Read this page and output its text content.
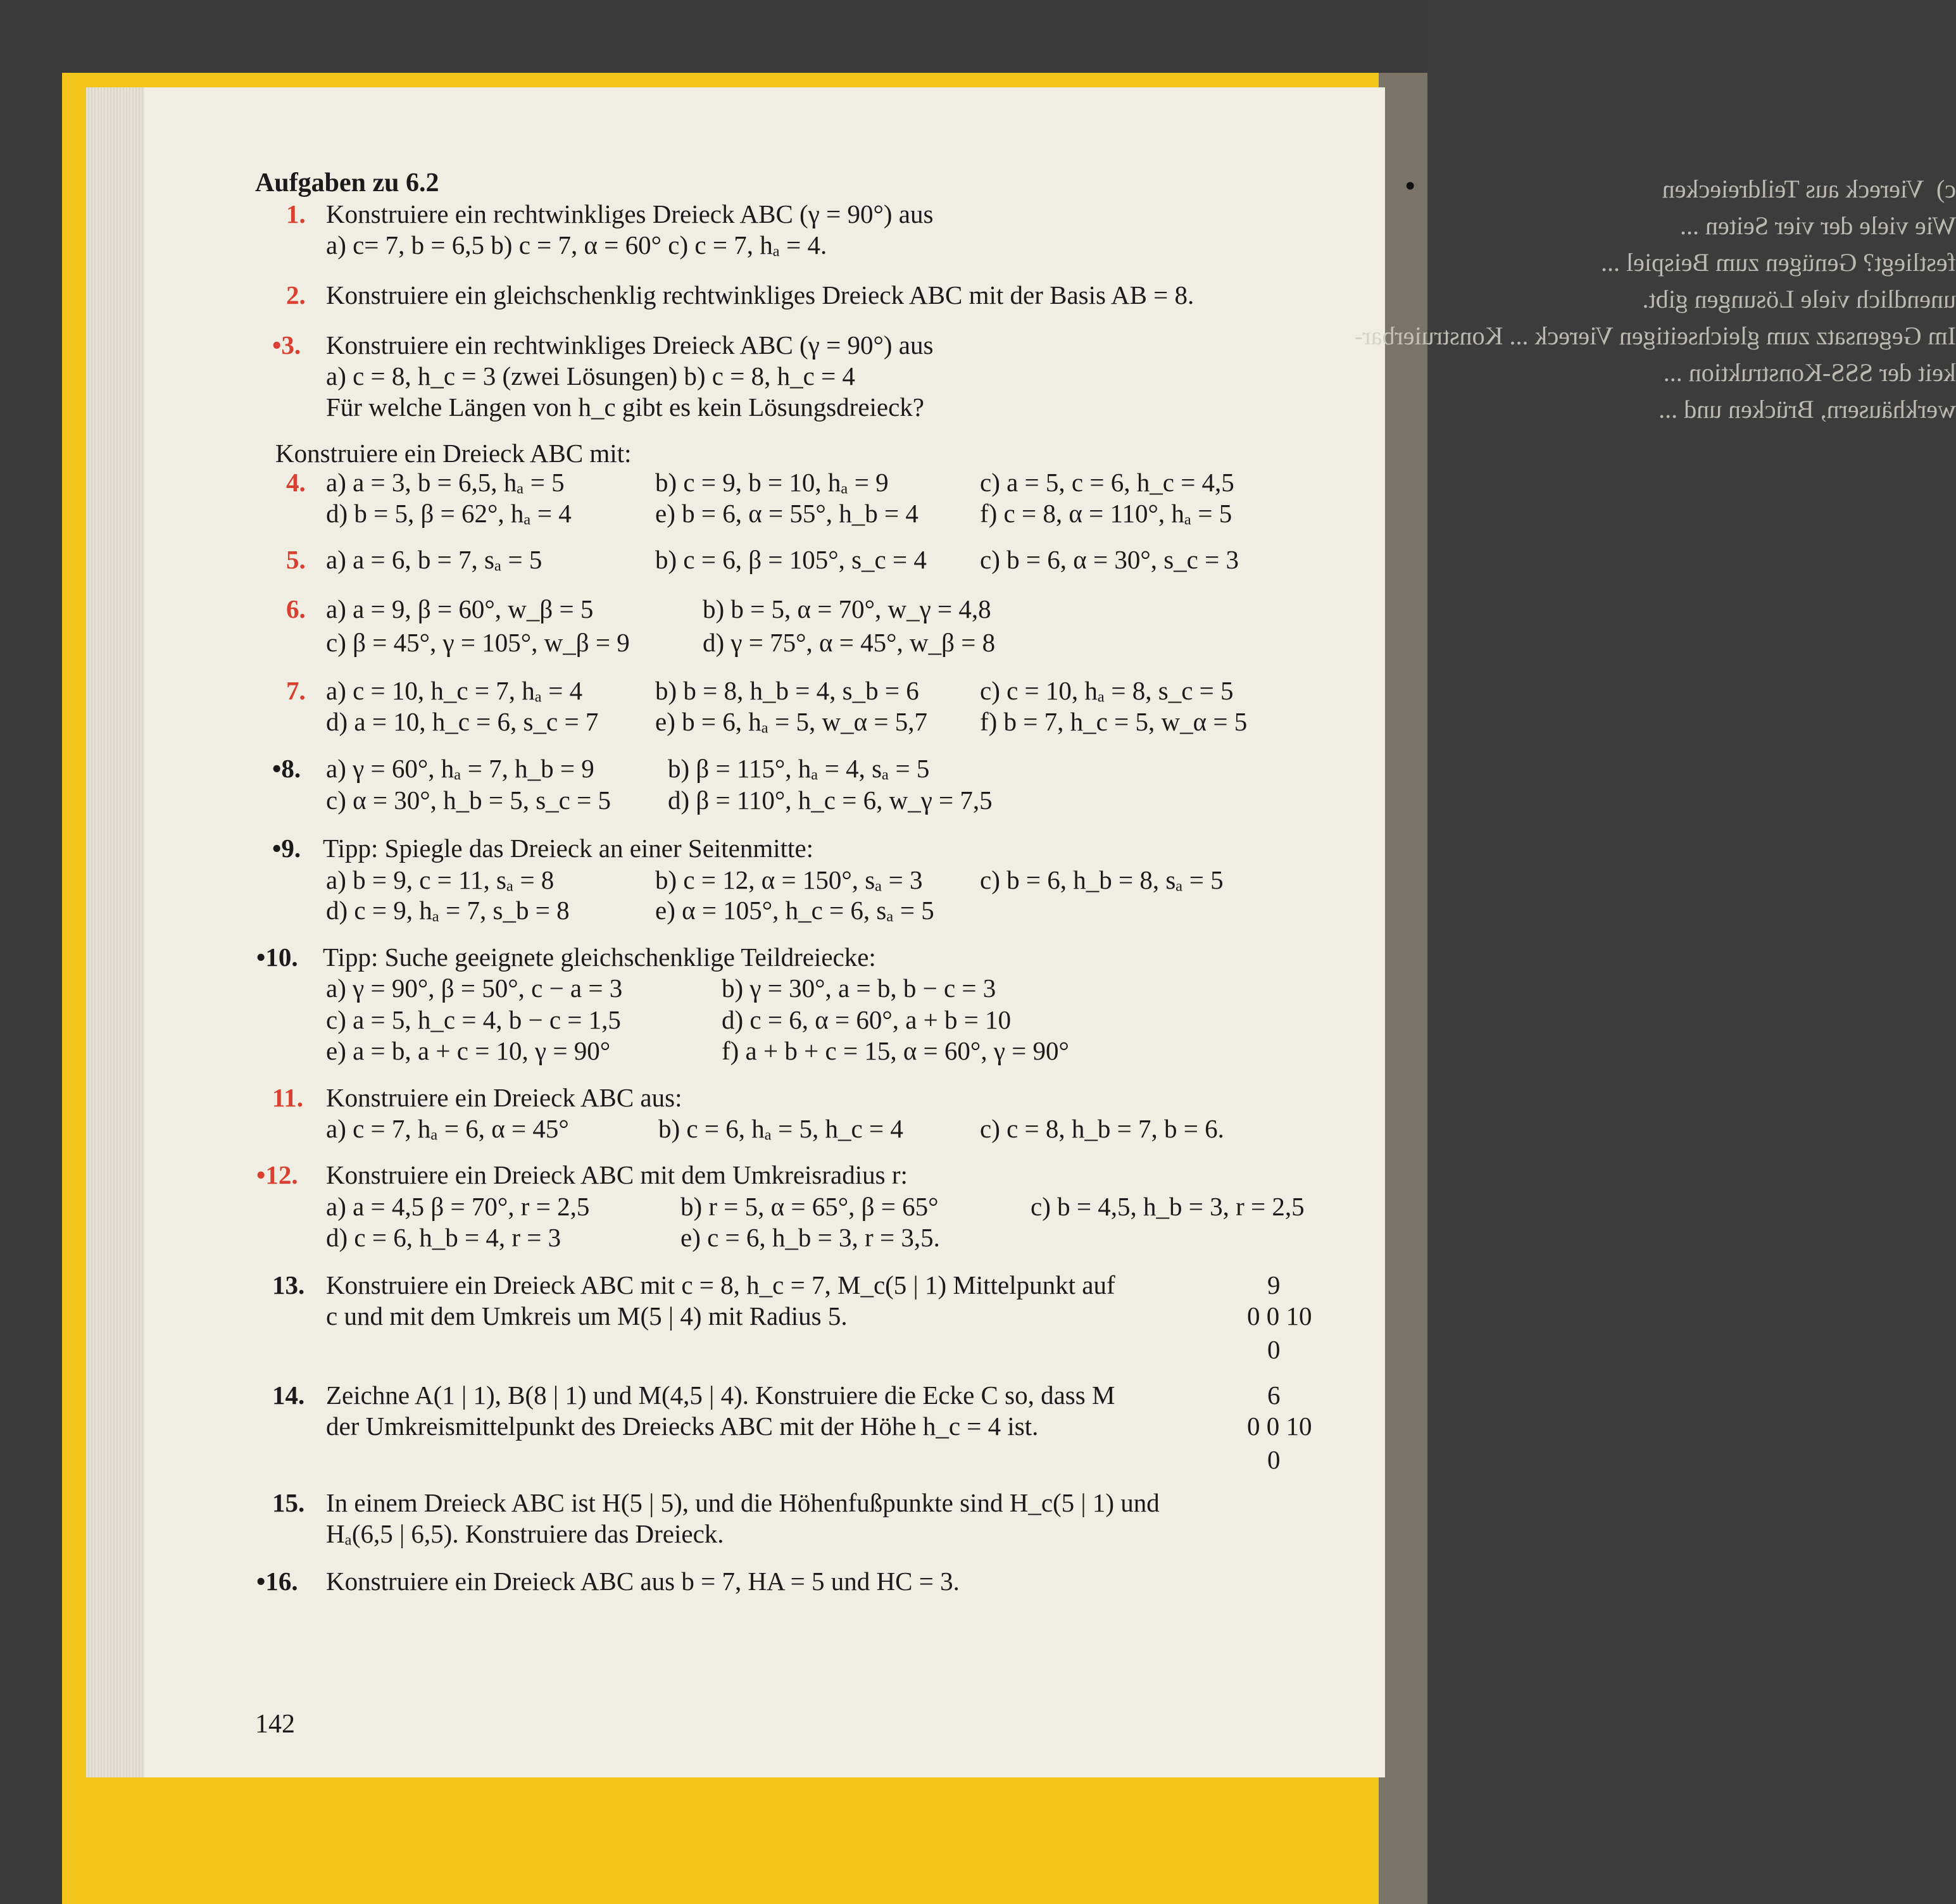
c)  Viereck aus Teildreiecken
Wie viele der vier Seiten ...
festliegt? Genügen zum Beispiel ...
unendlich viele Lösungen gibt.
Im Gegensatz zum gleichseitigen Viereck ... Konstruierbar-
keit der SSS-Konstruktion ...
werkhäusern, Brücken und ...
Aufgaben zu 6.2
142
•
1. Konstruiere ein rechtwinkliges Dreieck ABC (γ = 90°) aus
a) c= 7, b = 6,5 b) c = 7, α = 60° c) c = 7, hₐ = 4.
2. Konstruiere ein gleichschenklig rechtwinkliges Dreieck ABC mit der Basis AB = 8.
•3. Konstruiere ein rechtwinkliges Dreieck ABC (γ = 90°) aus
a) c = 8, h_c = 3 (zwei Lösungen) b) c = 8, h_c = 4
Für welche Längen von h_c gibt es kein Lösungsdreieck?
Konstruiere ein Dreieck ABC mit:
4. a) a = 3, b = 6,5, hₐ = 5	b) c = 9, b = 10, hₐ = 9	c) a = 5, c = 6, h_c = 4,5
d) b = 5, β = 62°, hₐ = 4	e) b = 6, α = 55°, h_b = 4 f) c = 8, α = 110°, hₐ = 5
5. a) a = 6, b = 7, sₐ = 5	b) c = 6, β = 105°, s_c = 4 c) b = 6, α = 30°, s_c = 3
6. a) a = 9, β = 60°, w_β = 5	b) b = 5, α = 70°, w_γ = 4,8
c) β = 45°, γ = 105°, w_β = 9	d) γ = 75°, α = 45°, w_β = 8
7. a) c = 10, h_c = 7, hₐ = 4	b) b = 8, h_b = 4, s_b = 6 c) c = 10, hₐ = 8, s_c = 5
d) a = 10, h_c = 6, s_c = 7 e) b = 6, hₐ = 5, w_α = 5,7 f) b = 7, h_c = 5, w_α = 5
•8. a) γ = 60°, hₐ = 7, h_b = 9	b) β = 115°, hₐ = 4, sₐ = 5
c) α = 30°, h_b = 5, s_c = 5 d) β = 110°, h_c = 6, w_γ = 7,5
•9. Tipp: Spiegle das Dreieck an einer Seitenmitte:
a) b = 9, c = 11, sₐ = 8	b) c = 12, α = 150°, sₐ = 3 c) b = 6, h_b = 8, sₐ = 5
d) c = 9, hₐ = 7, s_b = 8	e) α = 105°, h_c = 6, sₐ = 5
•10. Tipp: Suche geeignete gleichschenklige Teildreiecke:
a) γ = 90°, β = 50°, c − a = 3	b) γ = 30°, a = b, b − c = 3
c) a = 5, h_c = 4, b − c = 1,5	d) c = 6, α = 60°, a + b = 10
e) a = b, a + c = 10, γ = 90°	f) a + b + c = 15, α = 60°, γ = 90°
11. Konstruiere ein Dreieck ABC aus:
a) c = 7, hₐ = 6, α = 45°	b) c = 6, hₐ = 5, h_c = 4	c) c = 8, h_b = 7, b = 6.
•12. Konstruiere ein Dreieck ABC mit dem Umkreisradius r:
a) a = 4,5 β = 70°, r = 2,5	b) r = 5, α = 65°, β = 65°	c) b = 4,5, h_b = 3, r = 2,5
d) c = 6, h_b = 4, r = 3	e) c = 6, h_b = 3, r = 3,5.
13. Konstruiere ein Dreieck ABC mit c = 8, h_c = 7, M_c(5 | 1) Mittelpunkt auf
c und mit dem Umkreis um M(5 | 4) mit Radius 5.
14. Zeichne A(1 | 1), B(8 | 1) und M(4,5 | 4). Konstruiere die Ecke C so, dass M
der Umkreismittelpunkt des Dreiecks ABC mit der Höhe h_c = 4 ist.
15. In einem Dreieck ABC ist H(5 | 5), und die Höhenfußpunkte sind H_c(5 | 1) und
Hₐ(6,5 | 6,5). Konstruiere das Dreieck.
•16. Konstruiere ein Dreieck ABC aus b = 7, HA = 5 und HC = 3.
9
0 0 10
0
6
0 0 10
0
